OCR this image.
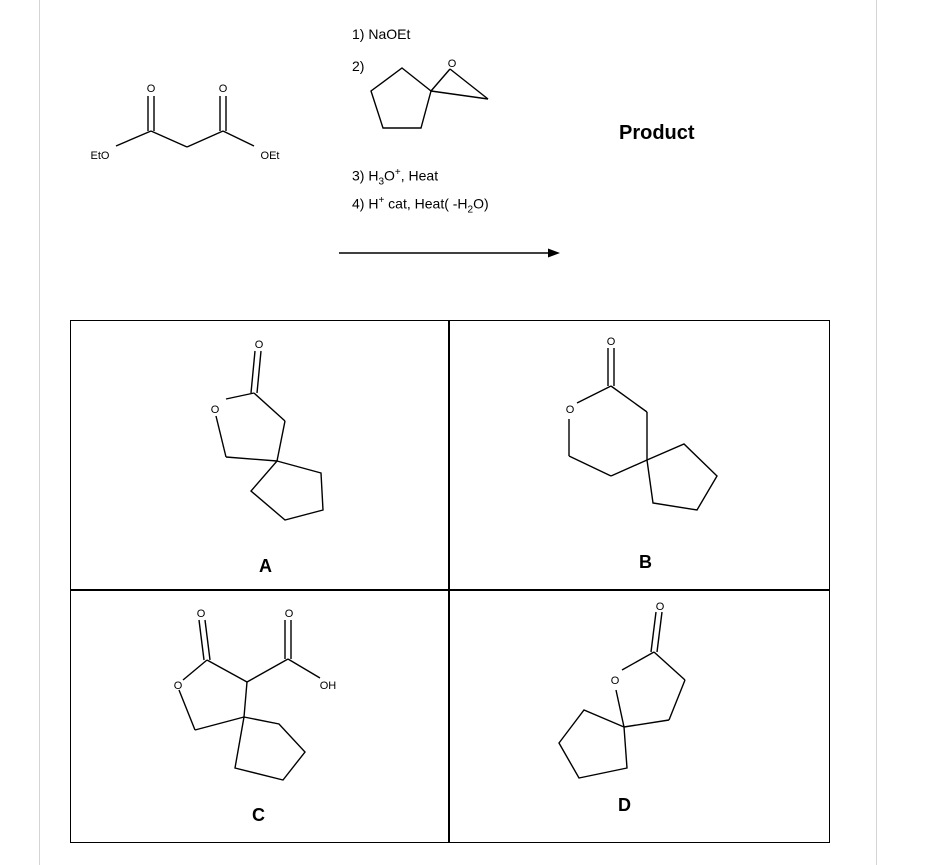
O	O
EtO	OEt
1) NaOEt
2)	O
3) $H_3O^+$, Heat
4) H+ cat, Heat( $-H_2O$)
Product
O
O
A
O
O
B
O
O
O
OH
C
O
O
D
